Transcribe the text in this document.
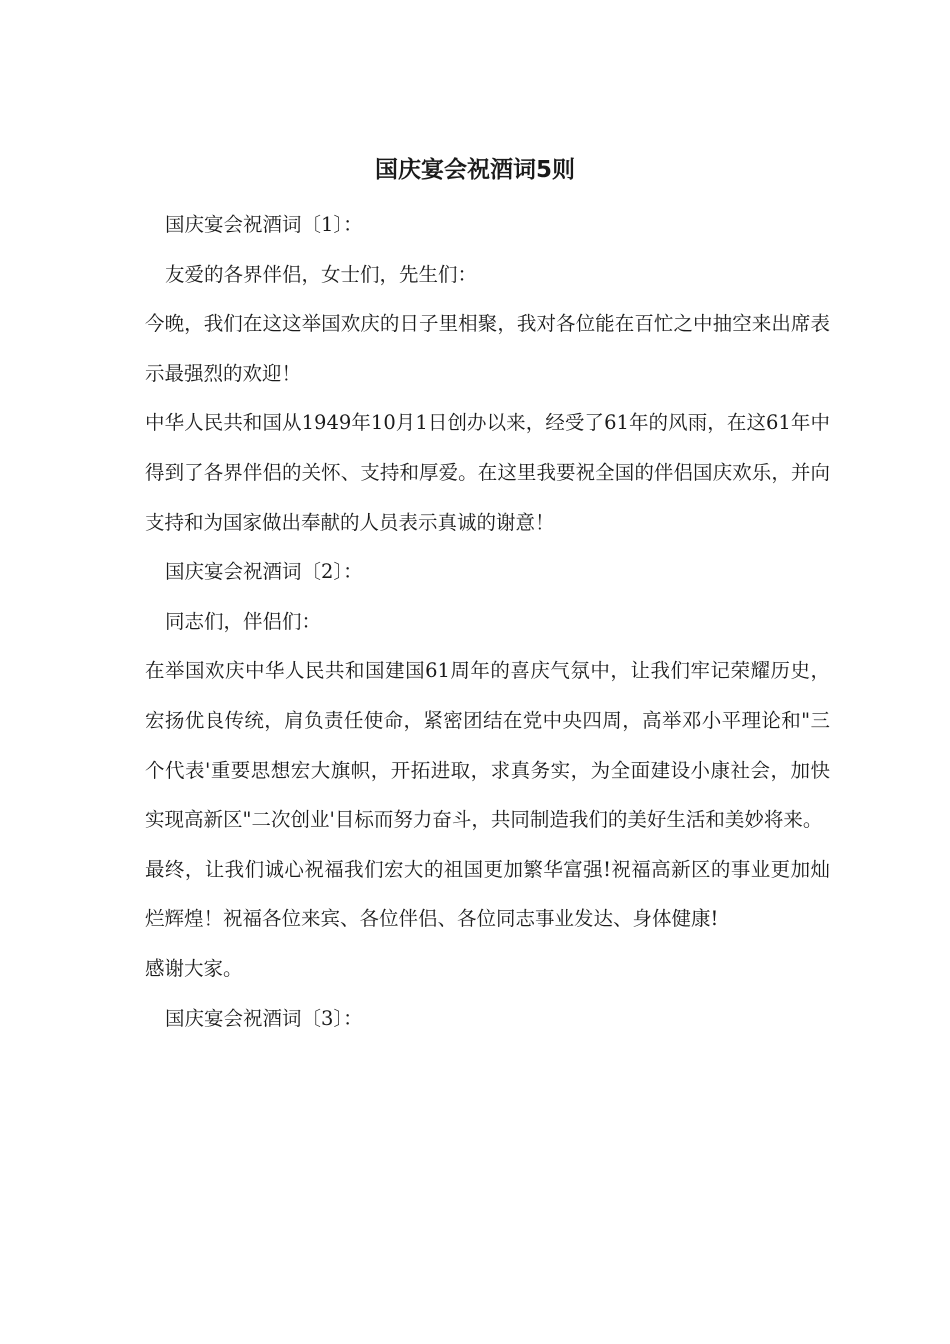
国庆宴会祝酒词5则

国庆宴会祝酒词〔1〕：

友爱的各界伴侣，女士们，先生们：

今晚，我们在这这举国欢庆的日子里相聚，我对各位能在百忙之中抽空来出席表示最强烈的欢迎！

中华人民共和国从1949年10月1日创办以来，经受了61年的风雨，在这61年中得到了各界伴侣的关怀、支持和厚爱。在这里我要祝全国的伴侣国庆欢乐，并向支持和为国家做出奉献的人员表示真诚的谢意！

国庆宴会祝酒词〔2〕：

同志们，伴侣们：

在举国欢庆中华人民共和国建国61周年的喜庆气氛中，让我们牢记荣耀历史，宏扬优良传统，肩负责任使命，紧密团结在党中央四周，高举邓小平理论和"三个代表'重要思想宏大旗帜，开拓进取，求真务实，为全面建设小康社会，加快实现高新区"二次创业'目标而努力奋斗，共同制造我们的美好生活和美妙将来。

最终，让我们诚心祝福我们宏大的祖国更加繁华富强!祝福高新区的事业更加灿烂辉煌！祝福各位来宾、各位伴侣、各位同志事业发达、身体健康!

感谢大家。

国庆宴会祝酒词〔3〕：
